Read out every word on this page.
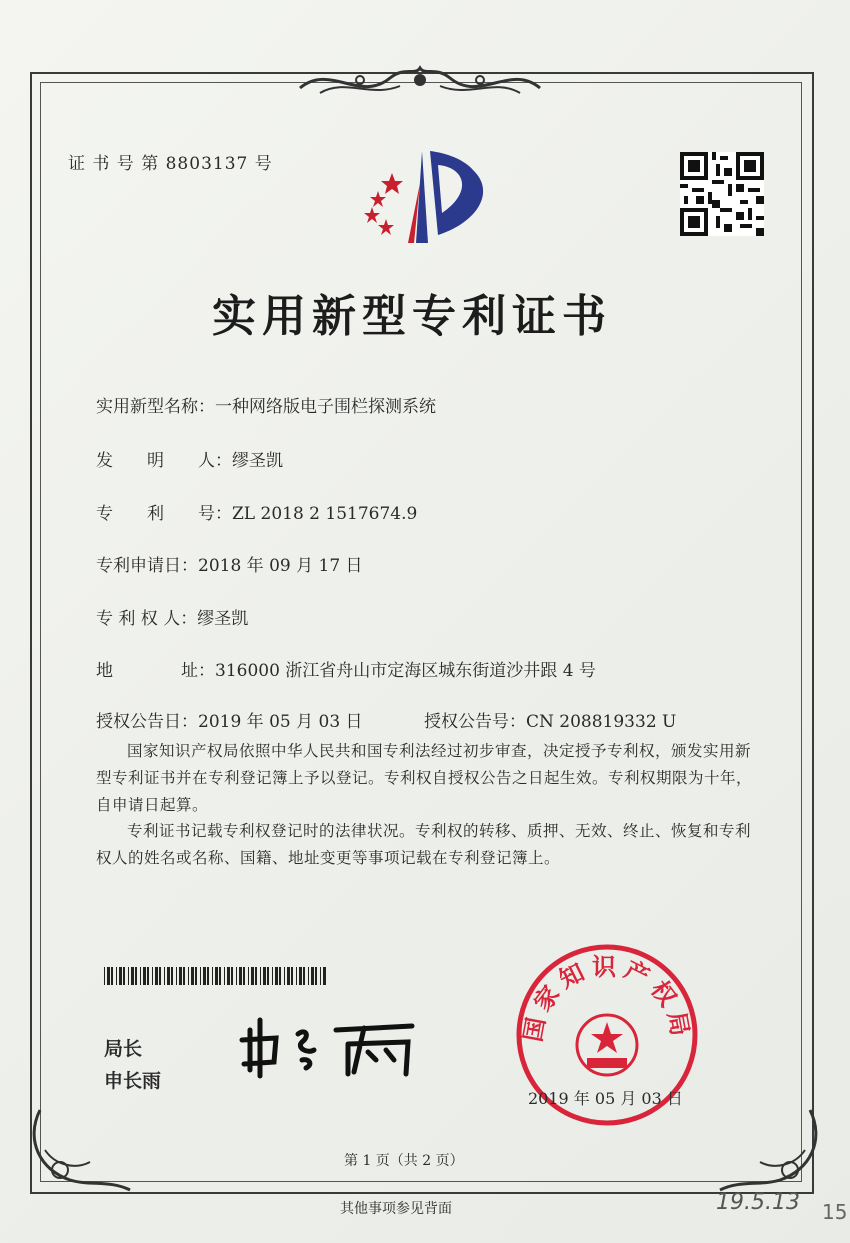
证 书 号 第 8803137 号
实用新型专利证书
实用新型名称：一种网络版电子围栏探测系统
发　　明　　人：缪圣凯
专　　利　　号：ZL 2018 2 1517674.9
专利申请日：2018 年 09 月 17 日
专 利 权 人：缪圣凯
地　　　　址：316000 浙江省舟山市定海区城东街道沙井跟 4 号
授权公告日：2019 年 05 月 03 日	授权公告号：CN 208819332 U
国家知识产权局依照中华人民共和国专利法经过初步审查，决定授予专利权，颁发实用新型专利证书并在专利登记簿上予以登记。专利权自授权公告之日起生效。专利权期限为十年，自申请日起算。
专利证书记载专利权登记时的法律状况。专利权的转移、质押、无效、终止、恢复和专利权人的姓名或名称、国籍、地址变更等事项记载在专利登记簿上。
局长
申长雨
国家知识产权局
2019 年 05 月 03 日
第 1 页（共 2 页）
其他事项参见背面	19.5.13 15
